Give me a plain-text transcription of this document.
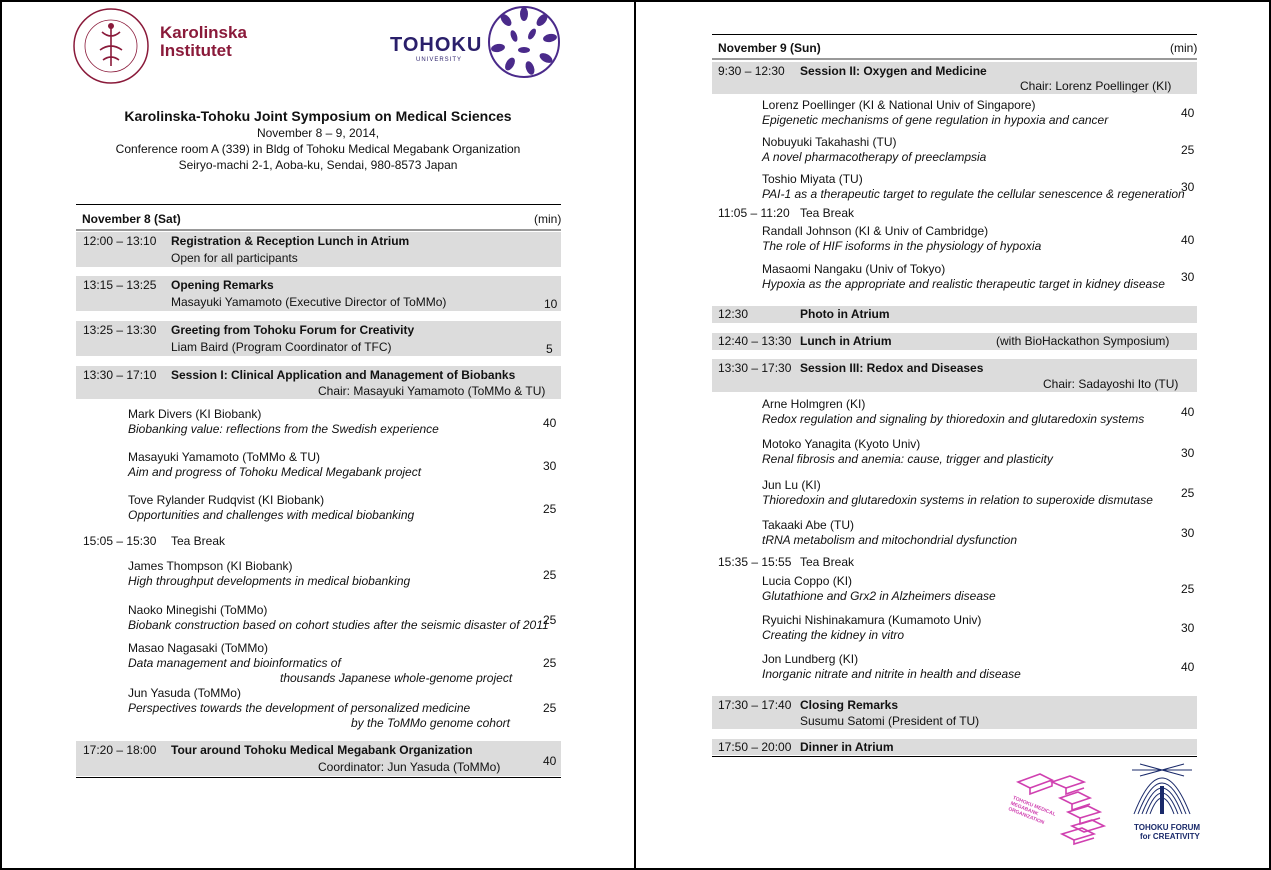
Karolinska
Institutet	TOHOKU
UNIVERSITY
Karolinska-Tohoku Joint Symposium on Medical Sciences
November 8 – 9, 2014,
Conference room A (339) in Bldg of Tohoku Medical Megabank Organization
Seiryo-machi 2-1, Aoba-ku, Sendai, 980-8573 Japan
November 8 (Sat)	(min)
12:00 – 13:10 Registration & Reception Lunch in Atrium
Open for all participants
13:15 – 13:25 Opening Remarks
Masayuki Yamamoto (Executive Director of ToMMo)	10
13:25 – 13:30 Greeting from Tohoku Forum for Creativity
Liam Baird (Program Coordinator of TFC)	5
13:30 – 17:10 Session I: Clinical Application and Management of Biobanks
Chair: Masayuki Yamamoto (ToMMo & TU)
Mark Divers (KI Biobank)
Biobanking value: reflections from the Swedish experience	40
Masayuki Yamamoto (ToMMo & TU)
Aim and progress of Tohoku Medical Megabank project	30
Tove Rylander Rudqvist (KI Biobank)
Opportunities and challenges with medical biobanking	25
15:05 – 15:30 Tea Break
James Thompson (KI Biobank)
High throughput developments in medical biobanking	25
Naoko Minegishi (ToMMo)
Biobank construction based on cohort studies after the seismic disaster of 2011
25
Masao Nagasaki (ToMMo)
Data management and bioinformatics of
thousands Japanese whole-genome project
25
Jun Yasuda (ToMMo)
Perspectives towards the development of personalized medicine
by the ToMMo genome cohort
25
17:20 – 18:00 Tour around Tohoku Medical Megabank Organization
Coordinator: Jun Yasuda (ToMMo)	40
November 9 (Sun)	(min)
9:30 – 12:30 Session II: Oxygen and Medicine
Chair: Lorenz Poellinger (KI)
Lorenz Poellinger (KI & National Univ of Singapore)
Epigenetic mechanisms of gene regulation in hypoxia and cancer	40
Nobuyuki Takahashi (TU)
A novel pharmacotherapy of preeclampsia	25
Toshio Miyata (TU)
PAI-1 as a therapeutic target to regulate the cellular senescence & regeneration
30
11:05 – 11:20 Tea Break
Randall Johnson (KI & Univ of Cambridge)
The role of HIF isoforms in the physiology of hypoxia	40
Masaomi Nangaku (Univ of Tokyo)
Hypoxia as the appropriate and realistic therapeutic target in kidney disease 30
12:30	Photo in Atrium
12:40 – 13:30 Lunch in Atrium	(with BioHackathon Symposium)
13:30 – 17:30 Session III: Redox and Diseases
Chair: Sadayoshi Ito (TU)
Arne Holmgren (KI)
Redox regulation and signaling by thioredoxin and glutaredoxin systems	40
Motoko Yanagita (Kyoto Univ)
Renal fibrosis and anemia: cause, trigger and plasticity	30
Jun Lu (KI)
Thioredoxin and glutaredoxin systems in relation to superoxide dismutase 25
Takaaki Abe (TU)
tRNA metabolism and mitochondrial dysfunction	30
15:35 – 15:55 Tea Break
Lucia Coppo (KI)
Glutathione and Grx2 in Alzheimers disease	25
Ryuichi Nishinakamura (Kumamoto Univ)
Creating the kidney in vitro	30
Jon Lundberg (KI)
Inorganic nitrate and nitrite in health and disease	40
17:30 – 17:40 Closing Remarks
Susumu Satomi (President of TU)
17:50 – 20:00 Dinner in Atrium
TOHOKU MEDICAL MEGABANK ORGANIZATION
TOHOKU FORUM
for CREATIVITY
